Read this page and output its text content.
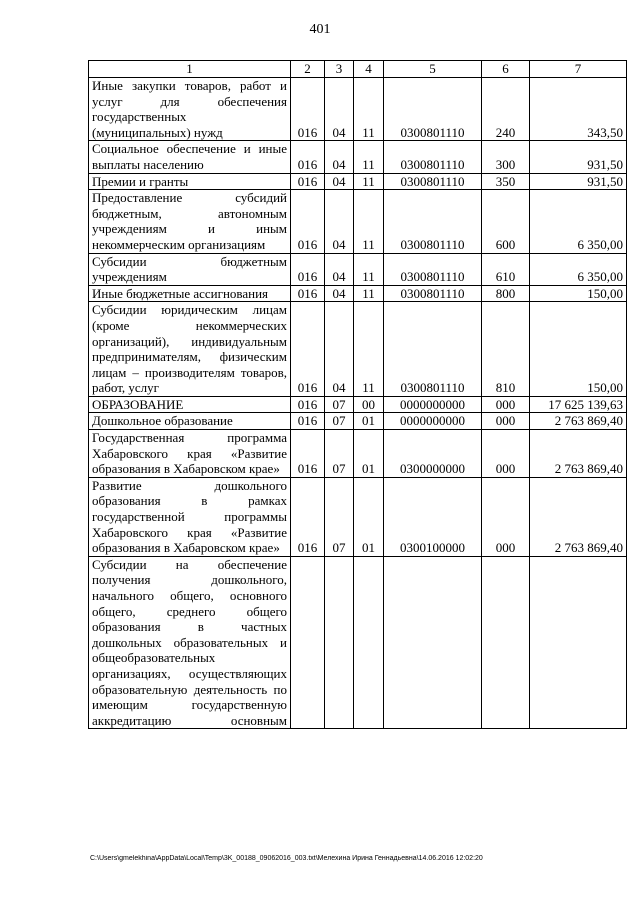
401
1	2	3	4	5	6	7
Иные закупки товаров, работ и услуг для обеспечения государственных (муниципальных) нужд	016	04	11	0300801110	240	343,50
Социальное обеспечение и иные выплаты населению	016	04	11	0300801110	300	931,50
Премии и гранты	016	04	11	0300801110	350	931,50
Предоставление субсидий бюджетным, автономным учреждениям и иным некоммерческим организациям	016	04	11	0300801110	600	6 350,00
Субсидии бюджетным учреждениям	016	04	11	0300801110	610	6 350,00
Иные бюджетные ассигнования	016	04	11	0300801110	800	150,00
Субсидии юридическим лицам (кроме некоммерческих организаций), индивидуальным предпринимателям, физическим лицам – производителям товаров, работ, услуг	016	04	11	0300801110	810	150,00
ОБРАЗОВАНИЕ	016	07	00	0000000000	000	17 625 139,63
Дошкольное образование	016	07	01	0000000000	000	2 763 869,40
Государственная программа Хабаровского края «Развитие образования в Хабаровском крае»	016	07	01	0300000000	000	2 763 869,40
Развитие дошкольного образования в рамках государственной программы Хабаровского края «Развитие образования в Хабаровском крае»	016	07	01	0300100000	000	2 763 869,40
Субсидии на обеспечение получения дошкольного, начального общего, основного общего, среднего общего образования в частных дошкольных образовательных и общеобразовательных организациях, осуществляющих образовательную деятельность по имеющим государственную аккредитацию основным						
C:\Users\gmelekhina\AppData\Local\Temp\3K_00188_09062016_003.txt\Мелехина Ирина Геннадьевна\14.06.2016 12:02:20
